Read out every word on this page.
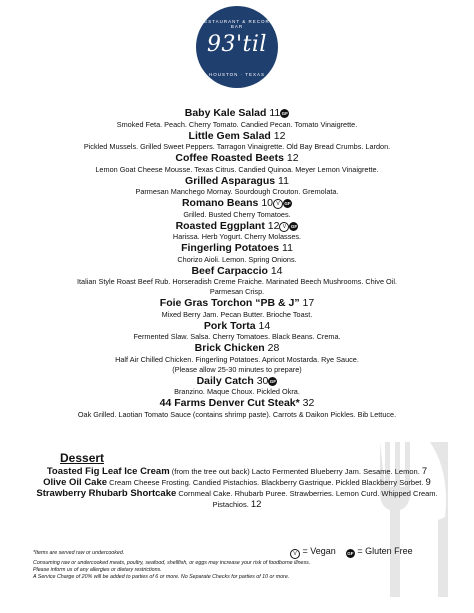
RESTAURANT & RECORD BAR
93'til
HOUSTON · TEXAS
Baby Kale Salad 11GF
Smoked Feta. Peach. Cherry Tomato. Candied Pecan. Tomato Vinaigrette.
Little Gem Salad 12
Pickled Mussels. Grilled Sweet Peppers. Tarragon Vinaigrette. Old Bay Bread Crumbs. Lardon.
Coffee Roasted Beets 12
Lemon Goat Cheese Mousse. Texas Citrus. Candied Quinoa. Meyer Lemon Vinaigrette.
Grilled Asparagus 11
Parmesan Manchego Mornay. Sourdough Crouton. Gremolata.
Romano Beans 10 V GF
Grilled. Busted Cherry Tomatoes.
Roasted Eggplant 12 V GF
Harissa. Herb Yogurt. Cherry Molasses.
Fingerling Potatoes 11
Chorizo Aioli. Lemon. Spring Onions.
Beef Carpaccio 14
Italian Style Roast Beef Rub. Horseradish Creme Fraiche. Marinated Beech Mushrooms. Chive Oil.
Parmesan Crisp.
Foie Gras Torchon “PB & J” 17
Mixed Berry Jam. Pecan Butter. Brioche Toast.
Pork Torta 14
Fermented Slaw. Salsa. Cherry Tomatoes. Black Beans. Crema.
Brick Chicken 28
Half Air Chilled Chicken. Fingerling Potatoes. Apricot Mostarda. Rye Sauce.
(Please allow 25-30 minutes to prepare)
Daily Catch 30GF
Branzino. Maque Choux. Pickled Okra.
44 Farms Denver Cut Steak* 32
Oak Grilled. Laotian Tomato Sauce (contains shrimp paste). Carrots & Daikon Pickles. Bib Lettuce.
Dessert
Toasted Fig Leaf Ice Cream (from the tree out back) Lacto Fermented Blueberry Jam. Sesame. Lemon. 7
Olive Oil Cake Cream Cheese Frosting. Candied Pistachios. Blackberry Gastrique. Pickled Blackberry Sorbet. 9
Strawberry Rhubarb Shortcake Cornmeal Cake. Rhubarb Puree. Strawberries. Lemon Curd. Whipped Cream. Pistachios. 12
*Items are served raw or undercooked.
Consuming raw or undercooked meats, poultry, seafood, shellfish, or eggs may increase your risk of foodborne illness.
Please inform us of any allergies or dietary restrictions.
A Service Charge of 20% will be added to parties of 6 or more. No Separate Checks for parties of 10 or more.
V = Vegan	GF = Gluten Free
